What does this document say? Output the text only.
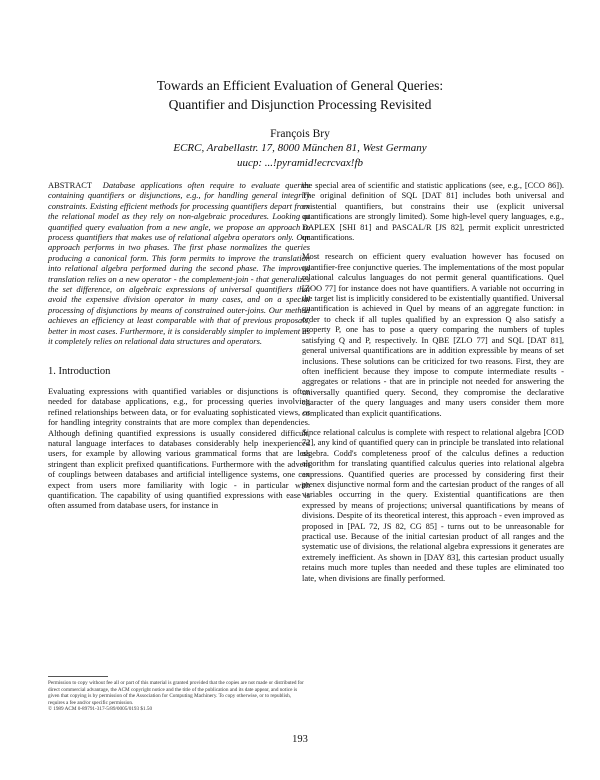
Towards an Efficient Evaluation of General Queries:
Quantifier and Disjunction Processing Revisited
François Bry
ECRC, Arabellastr. 17, 8000 München 81, West Germany
uucp: ...!pyramid!ecrcvax!fb

ABSTRACT Database applications often require to evaluate queries containing quantifiers or disjunctions, e.g., for handling general integrity constraints. Existing efficient methods for processing quantifiers depart from the relational model as they rely on non-algebraic procedures. Looking at quantified query evaluation from a new angle, we propose an approach to process quantifiers that makes use of relational algebra operators only. Our approach performs in two phases. The first phase normalizes the queries producing a canonical form. This form permits to improve the translation into relational algebra performed during the second phase. The improved translation relies on a new operator - the complement-join - that generalizes the set difference, on algebraic expressions of universal quantifiers that avoid the expensive division operator in many cases, and on a special processing of disjunctions by means of constrained outer-joins. Our method achieves an efficiency at least comparable with that of previous proposals, better in most cases. Furthermore, it is considerably simpler to implement as it completely relies on relational data structures and operators.

1. Introduction

Evaluating expressions with quantified variables or disjunctions is often needed for database applications, e.g., for processing queries involving refined relationships between data, or for evaluating sophisticated views, or for handling integrity constraints that are more complex than dependencies. Although defining quantified expressions is usually considered difficult, natural language interfaces to databases considerably help inexperienced users, for example by allowing various grammatical forms that are less stringent than explicit prefixed quantifications. Furthermore with the advent of couplings between databases and artificial intelligence systems, one can expect from users more familiarity with logic - in particular with quantification. The capability of using quantified expressions with ease is often assumed from database users, for instance in

the special area of scientific and statistic applications (see, e.g., [CCO 86]). The original definition of SQL [DAT 81] includes both universal and existential quantifiers, but constrains their use (explicit universal quantifications are strongly limited). Some high-level query languages, e.g., DAPLEX [SHI 81] and PASCAL/R [JS 82], permit explicit unrestricted quantifications.

Most research on efficient query evaluation however has focused on quantifier-free conjunctive queries. The implementations of the most popular relational calculus languages do not permit general quantifications. Quel [ZOO 77] for instance does not have quantifiers. A variable not occurring in the target list is implicitly considered to be existentially quantified. Universal quantification is achieved in Quel by means of an aggregate function: in order to check if all tuples qualified by an expression Q also satisfy a property P, one has to pose a query comparing the numbers of tuples satisfying Q and P, respectively. In QBE [ZLO 77] and SQL [DAT 81], general universal quantifications are in addition expressible by means of set inclusions. These solutions can be criticized for two reasons. First, they are often inefficient because they impose to compute intermediate results - aggregates or relations - that are in principle not needed for answering the universally quantified query. Second, they compromise the declarative character of the query languages and many users consider them more complicated than explicit quantifications.

Since relational calculus is complete with respect to relational algebra [COD 72], any kind of quantified query can in principle be translated into relational algebra. Codd's completeness proof of the calculus defines a reduction algorithm for translating quantified calculus queries into relational algebra expressions. Quantified queries are processed by considering first their prenex disjunctive normal form and the cartesian product of the ranges of all variables occurring in the query. Existential quantifications are then expressed by means of projections; universal quantifications by means of divisions. Despite of its theoretical interest, this approach - even improved as proposed in [PAL 72, JS 82, CG 85] - turns out to be unreasonable for practical use. Because of the initial cartesian product of all ranges and the systematic use of divisions, the relational algebra expressions it generates are extremely inefficient. As shown in [DAY 83], this cartesian product usually retains much more tuples than needed and these tuples are eliminated too late, when divisions are finally performed.

Permission to copy without fee all or part of this material is granted provided that the copies are not made or distributed for direct commercial advantage, the ACM copyright notice and the title of the publication and its date appear, and notice is given that copying is by permission of the Association for Computing Machinery. To copy otherwise, or to republish, requires a fee and/or specific permission.
© 1989 ACM 0-89791-317-5/89/0005/0193 $1.50
193
